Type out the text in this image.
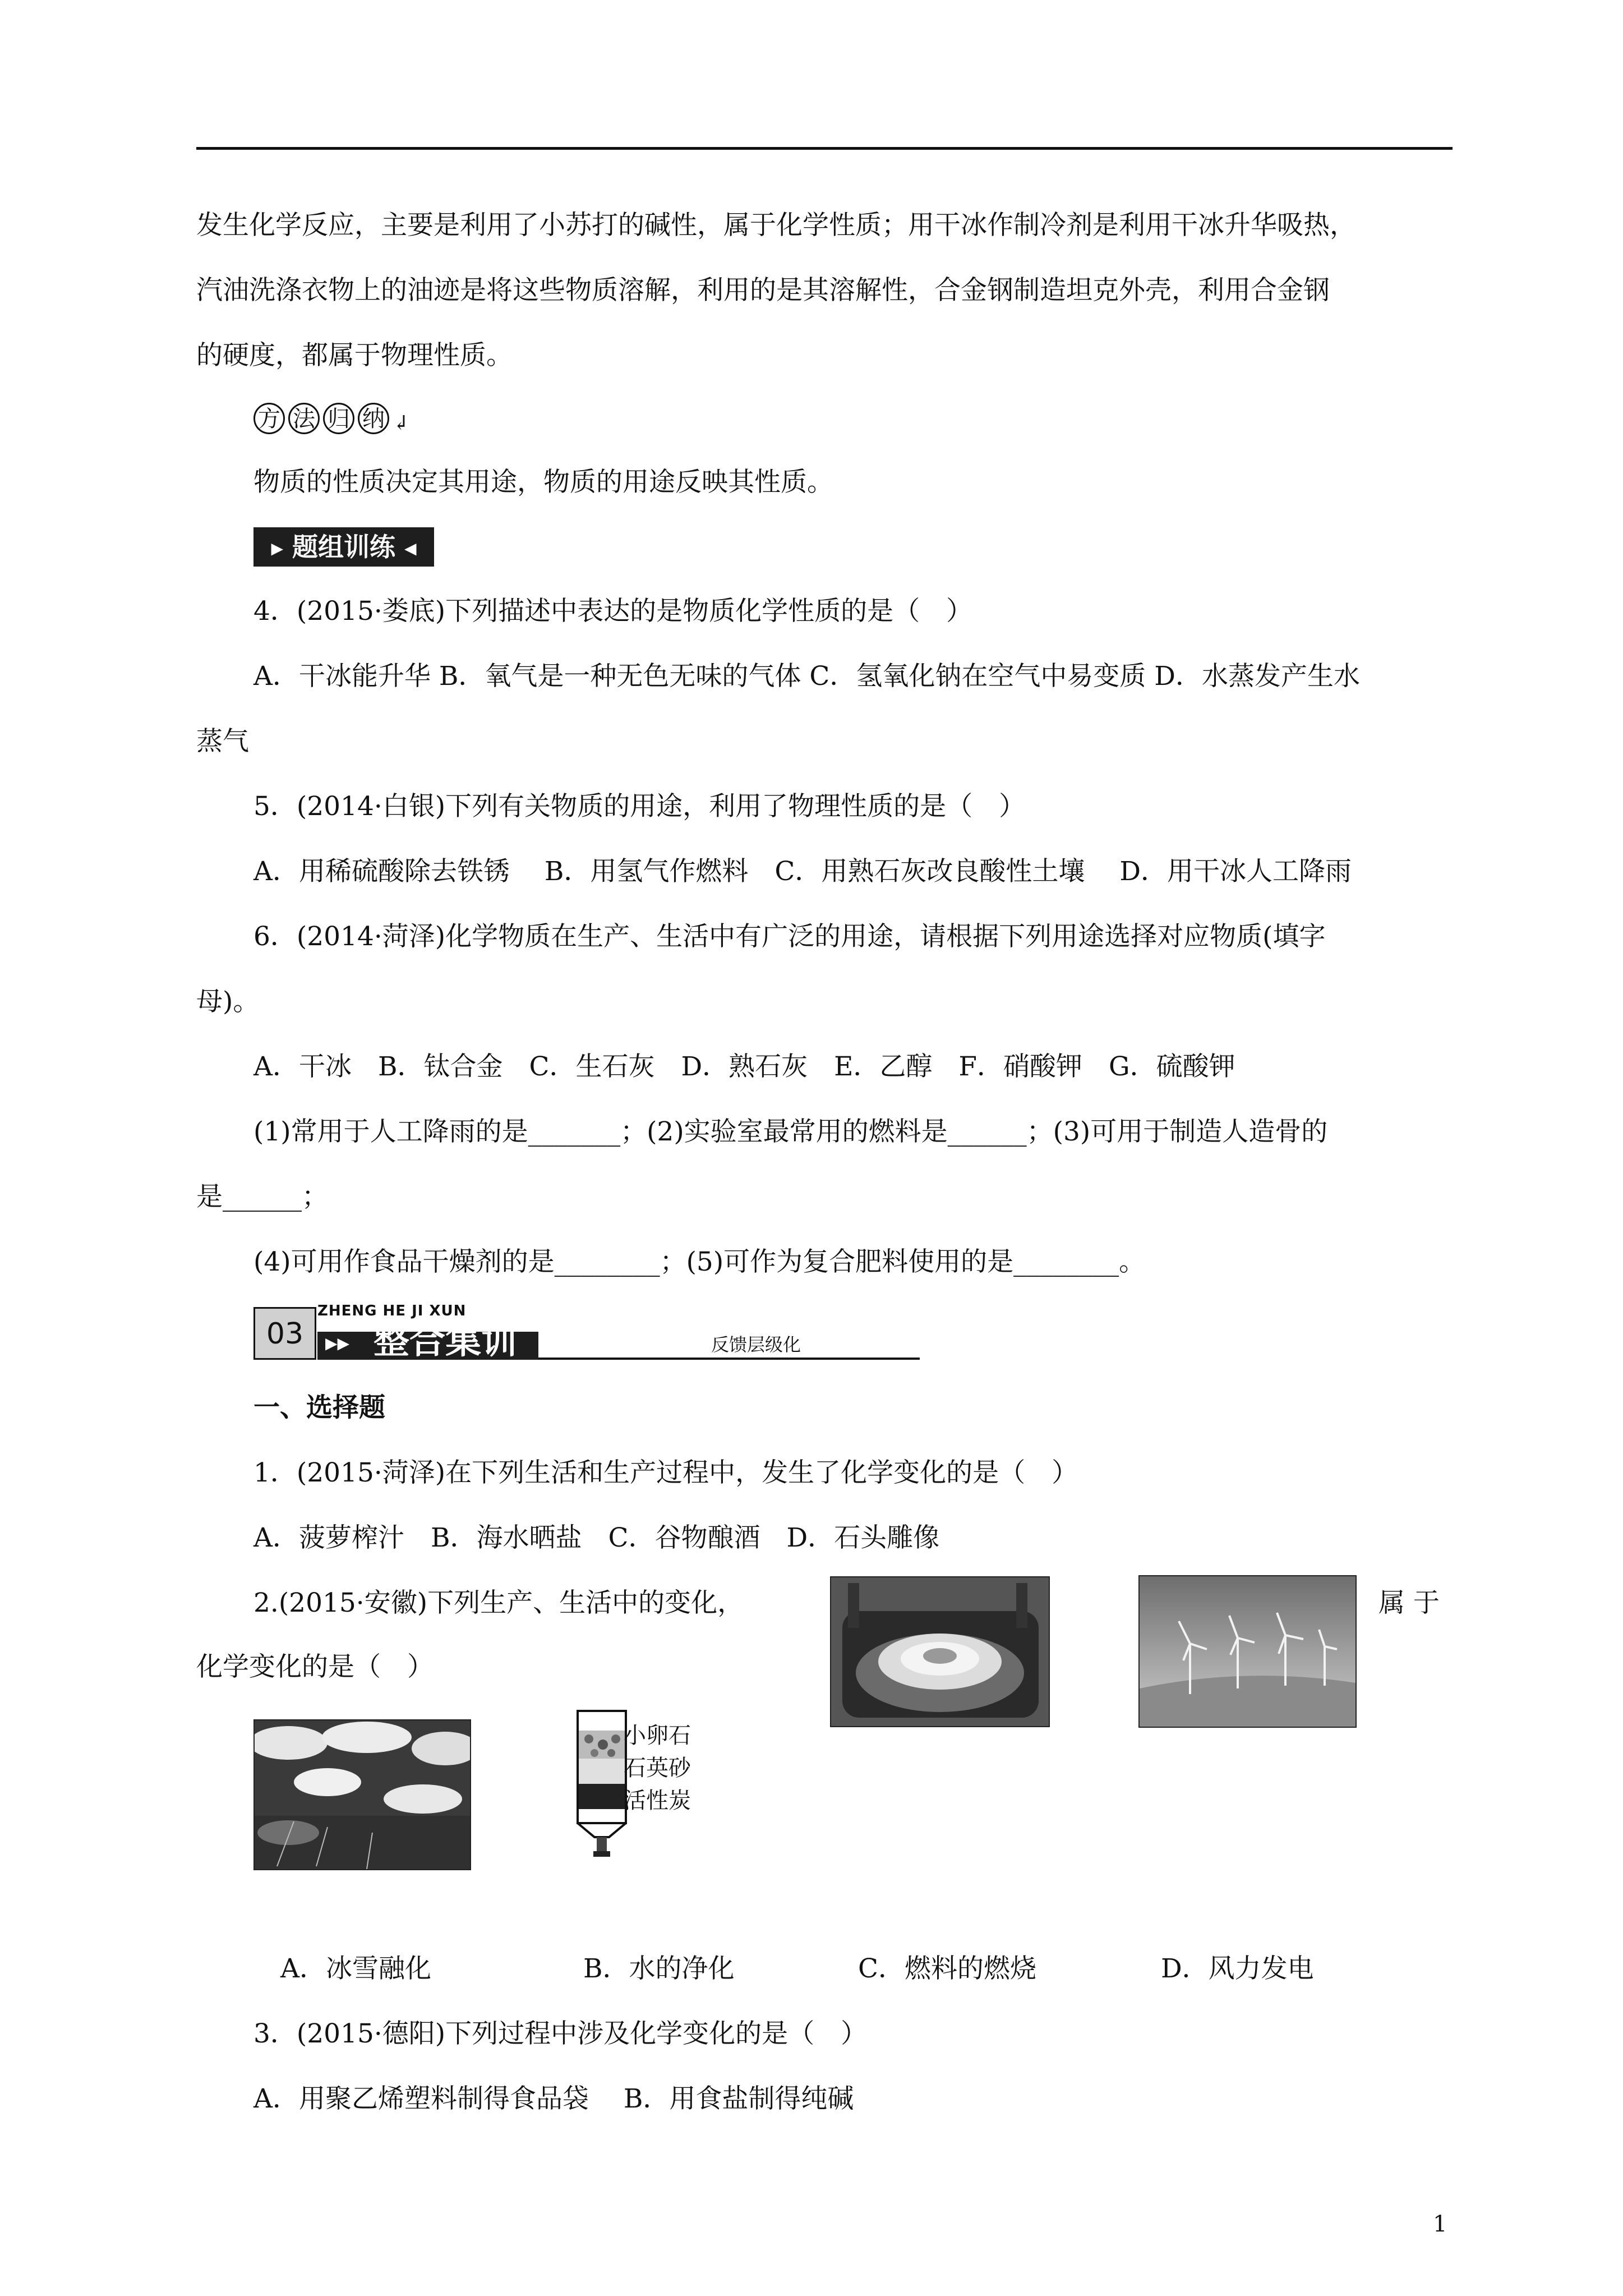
发生化学反应，主要是利用了小苏打的碱性，属于化学性质；用干冰作制冷剂是利用干冰升华吸热，
汽油洗涤衣物上的油迹是将这些物质溶解，利用的是其溶解性，合金钢制造坦克外壳，利用合金钢
的硬度，都属于物理性质。
方 法 归 纳 ↲
物质的性质决定其用途，物质的用途反映其性质。
▶ 题组训练 ◀
4．(2015·娄底)下列描述中表达的是物质化学性质的是（　）
A．干冰能升华 B．氧气是一种无色无味的气体 C．氢氧化钠在空气中易变质 D．水蒸发产生水
蒸气
5．(2014·白银)下列有关物质的用途，利用了物理性质的是（　）
A．用稀硫酸除去铁锈　 B．用氢气作燃料　C．用熟石灰改良酸性土壤　 D．用干冰人工降雨
6．(2014·菏泽)化学物质在生产、生活中有广泛的用途，请根据下列用途选择对应物质(填字
母)。
A．干冰　B．钛合金　C．生石灰　D．熟石灰　E．乙醇　F．硝酸钾　G．硫酸钾
(1)常用于人工降雨的是_______；(2)实验室最常用的燃料是______；(3)可用于制造人造骨的
是______；
(4)可用作食品干燥剂的是________；(5)可作为复合肥料使用的是________。
03
ZHENG HE JI XUN
▶▶ 整合集训	反馈层级化
一、选择题
1．(2015·菏泽)在下列生活和生产过程中，发生了化学变化的是（　）
A．菠萝榨汁　B．海水晒盐　C．谷物酿酒　D．石头雕像
2.(2015·安徽)下列生产、生活中的变化，	属 于
化学变化的是（　）
小卵石
石英砂
活性炭
A．冰雪融化	B．水的净化	C．燃料的燃烧	D．风力发电
3．(2015·德阳)下列过程中涉及化学变化的是（　）
A．用聚乙烯塑料制得食品袋　 B．用食盐制得纯碱
1
